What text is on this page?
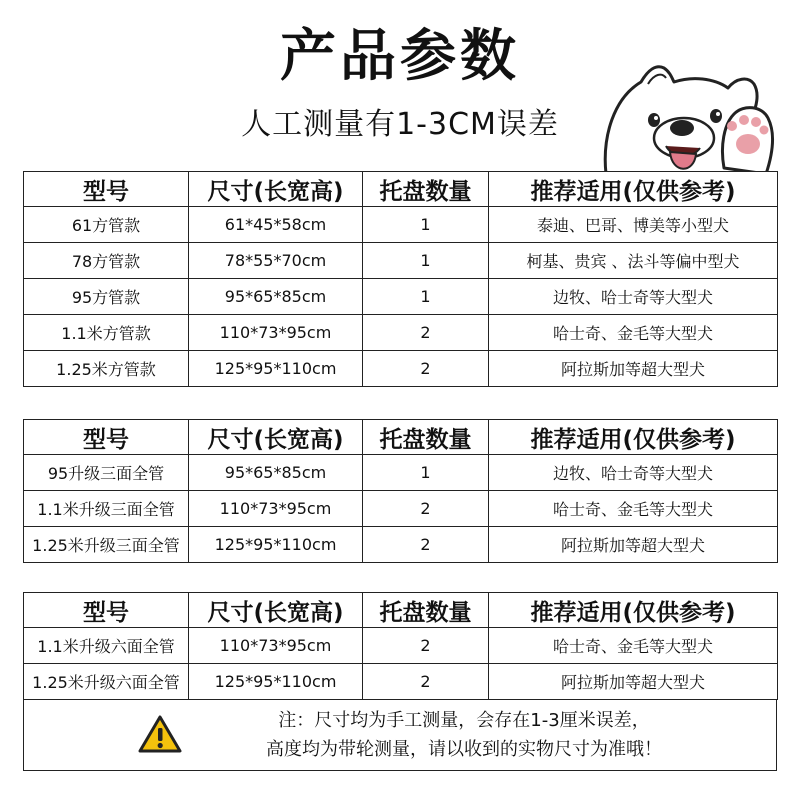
产品参数
人工测量有1-3CM误差
型号	尺寸(长宽高)	托盘数量	推荐适用(仅供参考)
61方管款	61*45*58cm	1	泰迪、巴哥、博美等小型犬
78方管款	78*55*70cm	1	柯基、贵宾 、法斗等偏中型犬
95方管款	95*65*85cm	1	边牧、哈士奇等大型犬
1.1米方管款	110*73*95cm	2	哈士奇、金毛等大型犬
1.25米方管款	125*95*110cm	2	阿拉斯加等超大型犬
型号	尺寸(长宽高)	托盘数量	推荐适用(仅供参考)
95升级三面全管	95*65*85cm	1	边牧、哈士奇等大型犬
1.1米升级三面全管	110*73*95cm	2	哈士奇、金毛等大型犬
1.25米升级三面全管	125*95*110cm	2	阿拉斯加等超大型犬
型号	尺寸(长宽高)	托盘数量	推荐适用(仅供参考)
1.1米升级六面全管	110*73*95cm	2	哈士奇、金毛等大型犬
1.25米升级六面全管	125*95*110cm	2	阿拉斯加等超大型犬
注：尺寸均为手工测量，会存在1-3厘米误差，
高度均为带轮测量，请以收到的实物尺寸为准哦！
